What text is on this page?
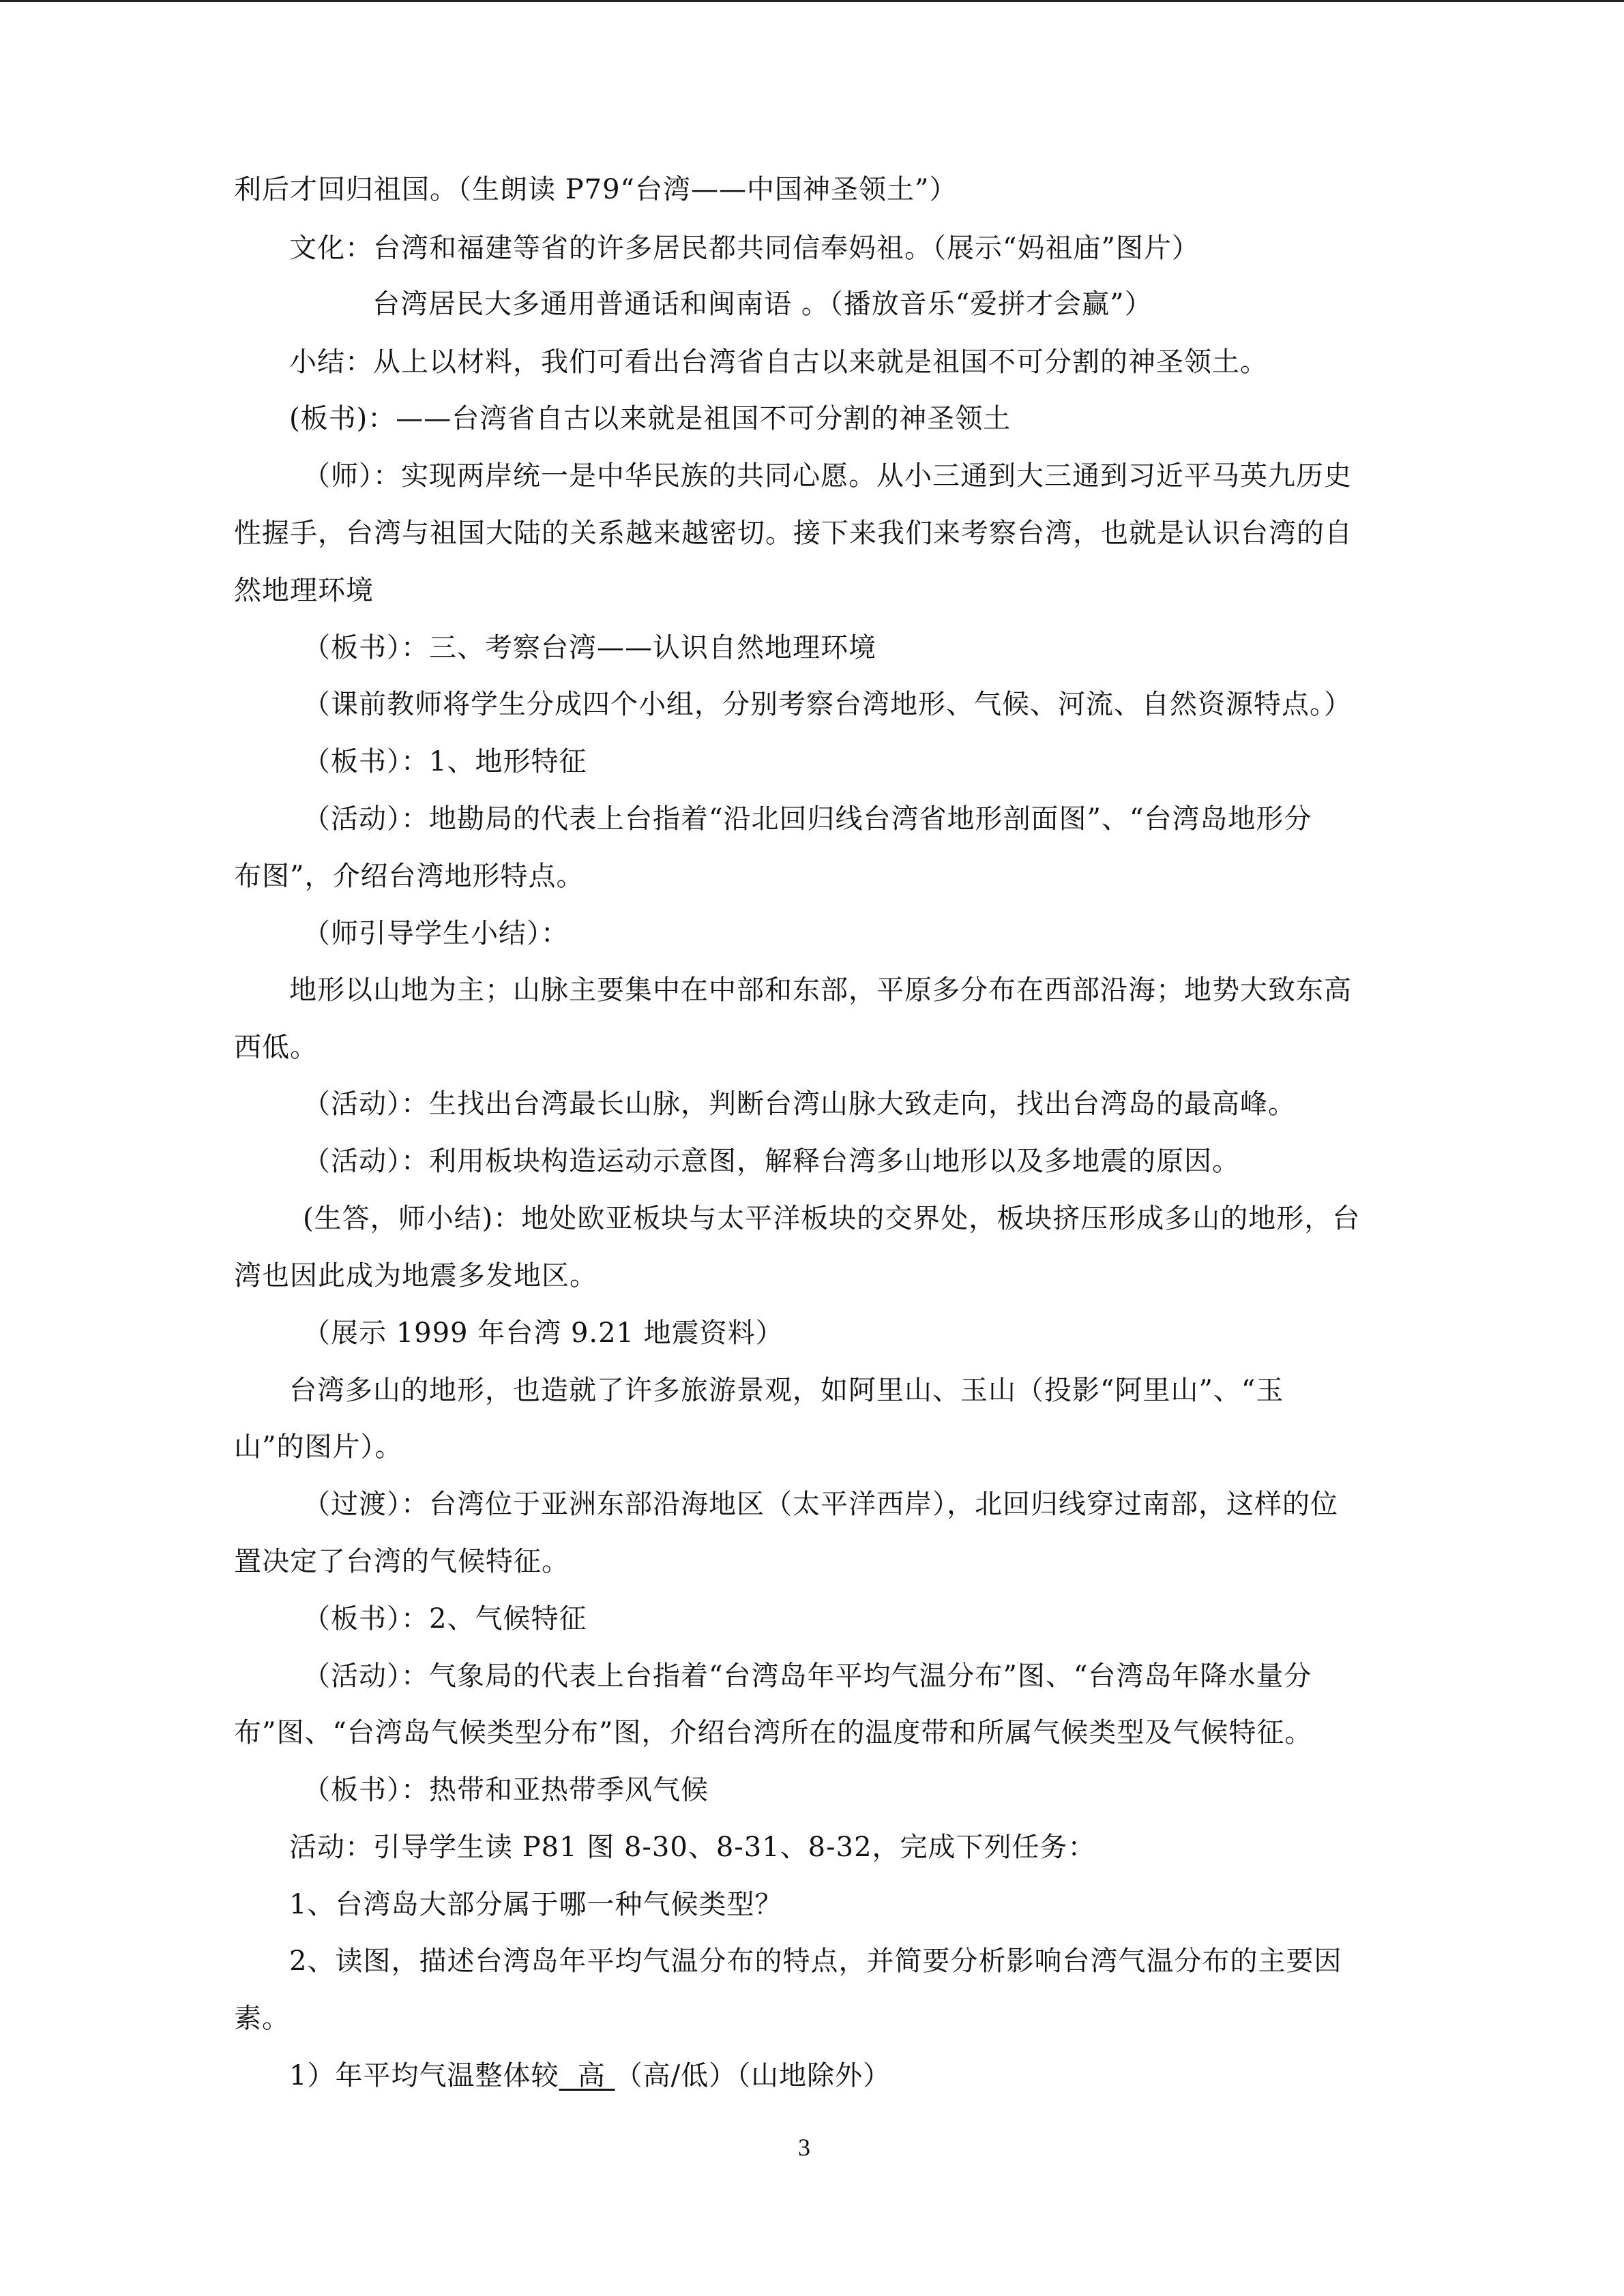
利后才回归祖国。（生朗读 P79“台湾——中国神圣领土”）
文化：台湾和福建等省的许多居民都共同信奉妈祖。（展示“妈祖庙”图片）
台湾居民大多通用普通话和闽南语 。（播放音乐“爱拼才会赢”）
小结：从上以材料，我们可看出台湾省自古以来就是祖国不可分割的神圣领土。
(板书)：——台湾省自古以来就是祖国不可分割的神圣领土
（师）：实现两岸统一是中华民族的共同心愿。从小三通到大三通到习近平马英九历史
性握手，台湾与祖国大陆的关系越来越密切。接下来我们来考察台湾，也就是认识台湾的自
然地理环境
（板书）：三、考察台湾——认识自然地理环境
（课前教师将学生分成四个小组，分别考察台湾地形、气候、河流、自然资源特点。）
（板书）：1、地形特征
（活动）：地勘局的代表上台指着“沿北回归线台湾省地形剖面图”、“台湾岛地形分
布图”，介绍台湾地形特点。
（师引导学生小结）：
地形以山地为主；山脉主要集中在中部和东部，平原多分布在西部沿海；地势大致东高
西低。
（活动）：生找出台湾最长山脉，判断台湾山脉大致走向，找出台湾岛的最高峰。
（活动）：利用板块构造运动示意图，解释台湾多山地形以及多地震的原因。
(生答，师小结)：地处欧亚板块与太平洋板块的交界处，板块挤压形成多山的地形，台
湾也因此成为地震多发地区。
（展示 1999 年台湾 9.21 地震资料）
台湾多山的地形，也造就了许多旅游景观，如阿里山、玉山（投影“阿里山”、“玉
山”的图片）。
（过渡）：台湾位于亚洲东部沿海地区（太平洋西岸），北回归线穿过南部，这样的位
置决定了台湾的气候特征。
（板书）：2、气候特征
（活动）：气象局的代表上台指着“台湾岛年平均气温分布”图、“台湾岛年降水量分
布”图、“台湾岛气候类型分布”图，介绍台湾所在的温度带和所属气候类型及气候特征。
（板书）：热带和亚热带季风气候
活动：引导学生读 P81 图 8-30、8-31、8-32，完成下列任务：
1、台湾岛大部分属于哪一种气候类型？
2、读图，描述台湾岛年平均气温分布的特点，并简要分析影响台湾气温分布的主要因
素。
1）年平均气温整体较 高 （高/低）（山地除外）
3
